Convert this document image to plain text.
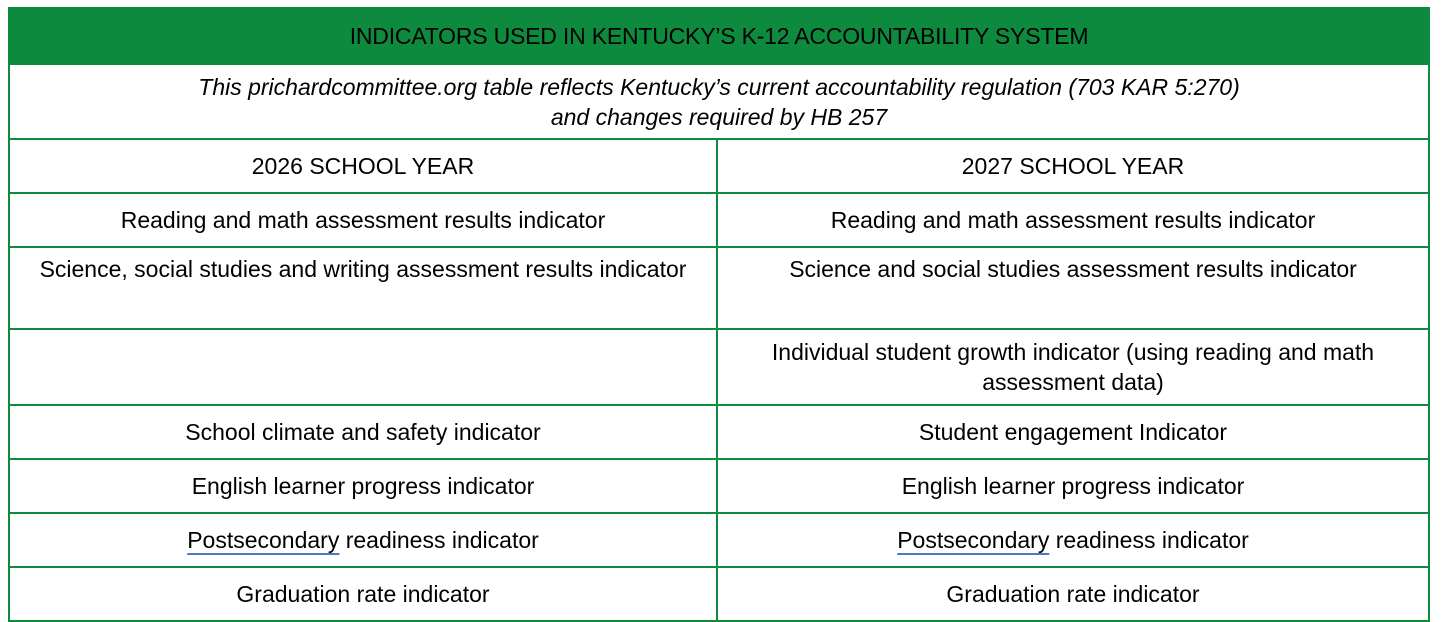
INDICATORS USED IN KENTUCKY’S K-12 ACCOUNTABILITY SYSTEM	

This prichardcommittee.org table reflects Kentucky’s current accountability regulation (703 KAR 5:270)
and changes required by HB 257	

2026 SCHOOL YEAR	2027 SCHOOL YEAR
Reading and math assessment results indicator	Reading and math assessment results indicator
Science, social studies and writing assessment results indicator	Science and social studies assessment results indicator
	Individual student growth indicator (using reading and math assessment data)
School climate and safety indicator	Student engagement Indicator
English learner progress indicator	English learner progress indicator
Postsecondary readiness indicator	Postsecondary readiness indicator
Graduation rate indicator	Graduation rate indicator
